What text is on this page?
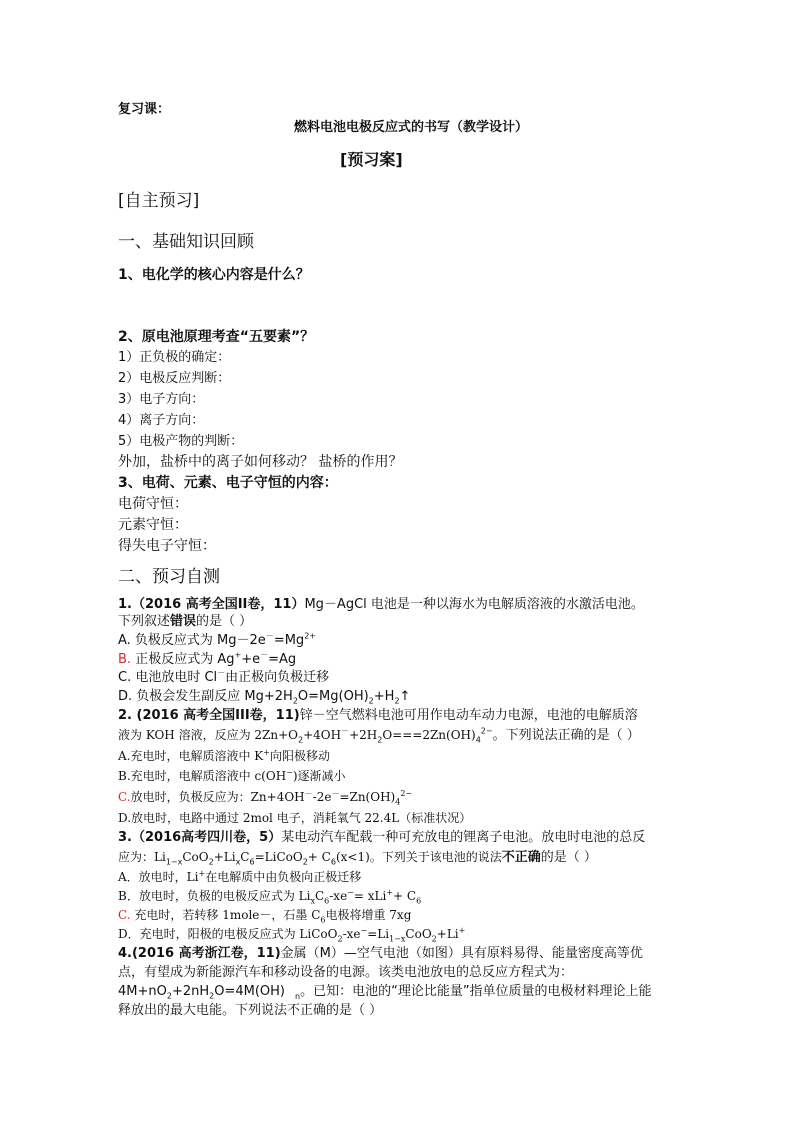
复习课：
燃料电池电极反应式的书写（教学设计）
[预习案]
[自主预习]
一、基础知识回顾
1、电化学的核心内容是什么？
2、原电池原理考查“五要素”？
1）正负极的确定：
2）电极反应判断：
3）电子方向：
4）离子方向：
5）电极产物的判断：
外加，盐桥中的离子如何移动？ 盐桥的作用？
3、电荷、元素、电子守恒的内容：
电荷守恒：
元素守恒：
得失电子守恒：
二、预习自测
1.（2016 高考全国II卷，11）Mg－AgCl 电池是一种以海水为电解质溶液的水激活电池。
下列叙述错误的是（ ）
A. 负极反应式为 $Mg-2e^-=Mg^{2+}$
B. 正极反应式为 Ag++e－=Ag
C. 电池放电时 Cl－由正极向负极迁移
D. 负极会发生副反应 $Mg+2H_2O=Mg(OH)_2+H_2↑$
2. (2016 高考全国III卷，11)锌－空气燃料电池可用作电动车动力电源，电池的电解质溶
液为 KOH 溶液，反应为 $2Zn+O_2+4OH^-+2H_2O===2Zn(OH)_4^{2-}$。下列说法正确的是（ ）
A.充电时，电解质溶液中 K+向阳极移动
B.充电时，电解质溶液中 c(OH−)逐渐减小
C.放电时，负极反应为：$Zn+4OH^--2e^-=Zn(OH)_4^{2-}$
D.放电时，电路中通过 2mol 电子，消耗氧气 22.4L（标准状况）
3.（2016高考四川卷，5）某电动汽车配载一种可充放电的锂离子电池。放电时电池的总反
应为：$Li_{1-x}CoO_2+Li_xC_6=LiCoO_2+ C_6(x<1)$。下列关于该电池的说法不正确的是（ ）
A．放电时，Li+在电解质中由负极向正极迁移
B．放电时，负极的电极反应式为 $Li_xC_6-xe^-= xLi^++ C_6$
C. 充电时，若转移 1mole－，石墨 $C_6$电极将增重 7xg
D．充电时，阳极的电极反应式为 $LiCoO_2-xe^-=Li_{1-x}CoO_2+Li^+$
4.(2016 高考浙江卷，11)金属（M）—空气电池（如图）具有原料易得、能量密度高等优
点，有望成为新能源汽车和移动设备的电源。该类电池放电的总反应方程式为：
$4M+nO_2+2nH_2O=4M(OH)$ $_n$。已知：电池的“理论比能量”指单位质量的电极材料理论上能
释放出的最大电能。下列说法不正确的是（ ）
